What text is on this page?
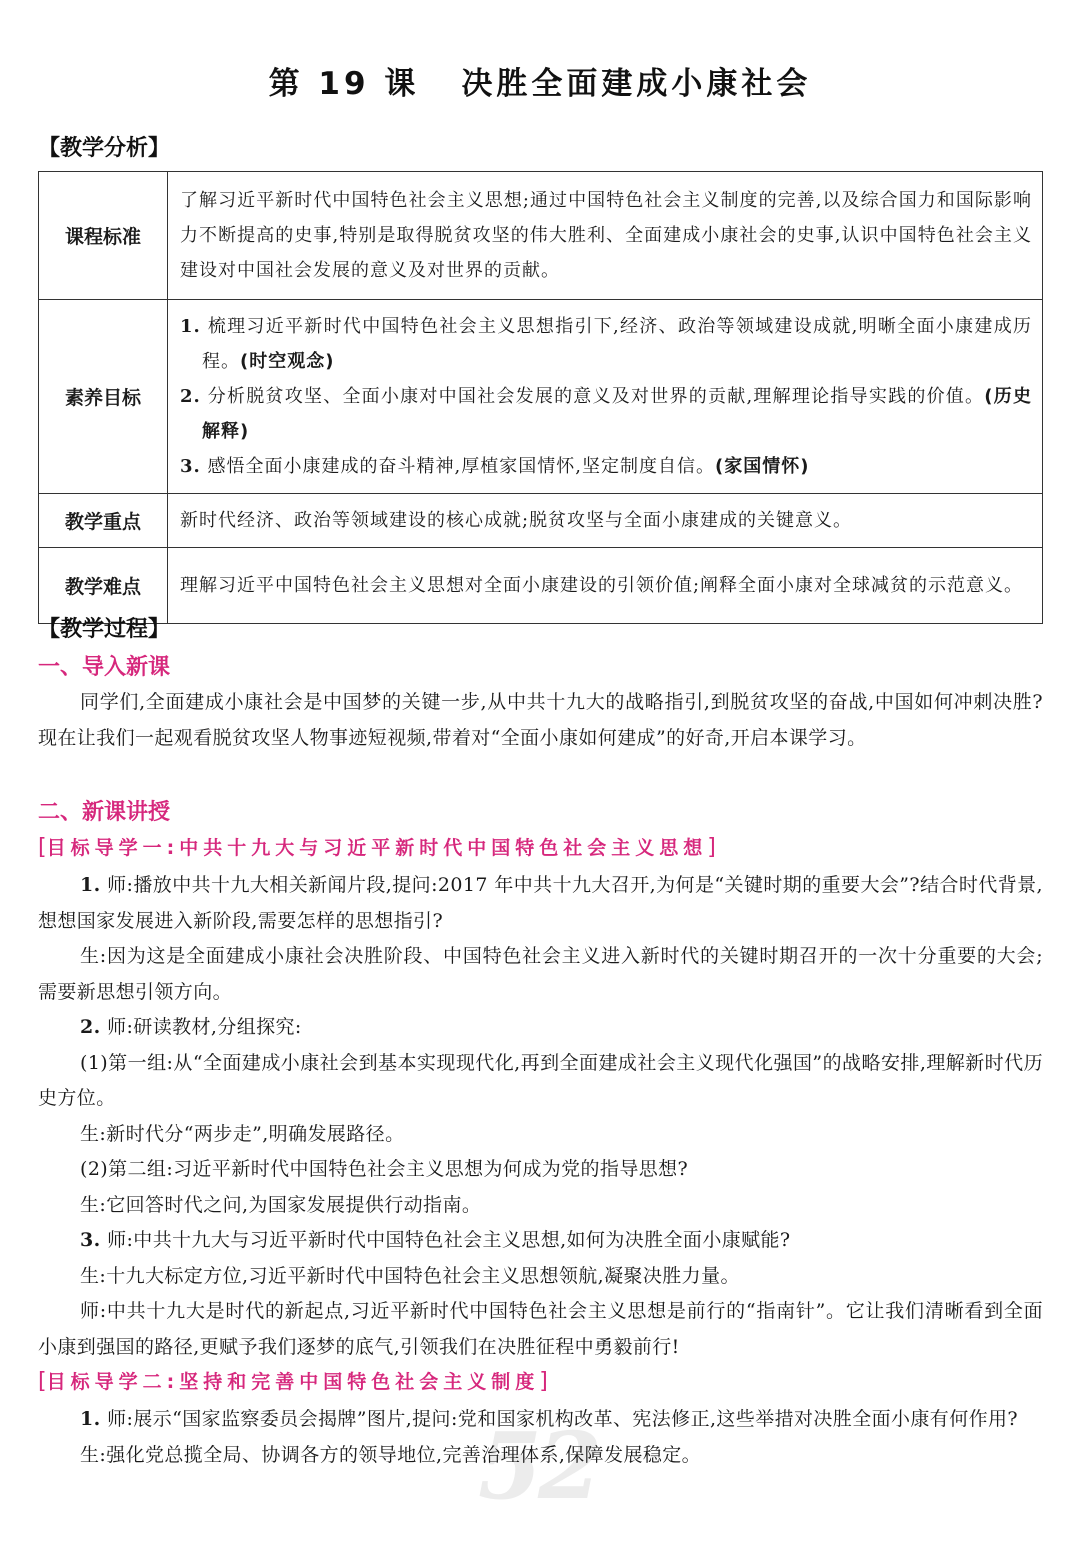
第 19 课 决胜全面建成小康社会
【教学分析】
课程标准	了解习近平新时代中国特色社会主义思想;通过中国特色社会主义制度的完善,以及综合国力和国际影响力不断提高的史事,特别是取得脱贫攻坚的伟大胜利、全面建成小康社会的史事,认识中国特色社会主义建设对中国社会发展的意义及对世界的贡献。
素养目标	1. 梳理习近平新时代中国特色社会主义思想指引下,经济、政治等领域建设成就,明晰全面小康建成历程。(时空观念)
2. 分析脱贫攻坚、全面小康对中国社会发展的意义及对世界的贡献,理解理论指导实践的价值。(历史解释)
3. 感悟全面小康建成的奋斗精神,厚植家国情怀,坚定制度自信。(家国情怀)

教学重点	新时代经济、政治等领域建设的核心成就;脱贫攻坚与全面小康建成的关键意义。
教学难点	理解习近平中国特色社会主义思想对全面小康建设的引领价值;阐释全面小康对全球减贫的示范意义。
【教学过程】
一、导入新课
同学们,全面建成小康社会是中国梦的关键一步,从中共十九大的战略指引,到脱贫攻坚的奋战,中国如何冲刺决胜?现在让我们一起观看脱贫攻坚人物事迹短视频,带着对“全面小康如何建成”的好奇,开启本课学习。
二、新课讲授
[目标导学一:中共十九大与习近平新时代中国特色社会主义思想]
1. 师:播放中共十九大相关新闻片段,提问:2017 年中共十九大召开,为何是“关键时期的重要大会”?结合时代背景,想想国家发展进入新阶段,需要怎样的思想指引?
生:因为这是全面建成小康社会决胜阶段、中国特色社会主义进入新时代的关键时期召开的一次十分重要的大会;需要新思想引领方向。
2. 师:研读教材,分组探究:
(1)第一组:从“全面建成小康社会到基本实现现代化,再到全面建成社会主义现代化强国”的战略安排,理解新时代历史方位。
生:新时代分“两步走”,明确发展路径。
(2)第二组:习近平新时代中国特色社会主义思想为何成为党的指导思想?
生:它回答时代之问,为国家发展提供行动指南。
3. 师:中共十九大与习近平新时代中国特色社会主义思想,如何为决胜全面小康赋能?
生:十九大标定方位,习近平新时代中国特色社会主义思想领航,凝聚决胜力量。
师:中共十九大是时代的新起点,习近平新时代中国特色社会主义思想是前行的“指南针”。它让我们清晰看到全面小康到强国的路径,更赋予我们逐梦的底气,引领我们在决胜征程中勇毅前行!
[目标导学二:坚持和完善中国特色社会主义制度]
52
1. 师:展示“国家监察委员会揭牌”图片,提问:党和国家机构改革、宪法修正,这些举措对决胜全面小康有何作用?
生:强化党总揽全局、协调各方的领导地位,完善治理体系,保障发展稳定。
